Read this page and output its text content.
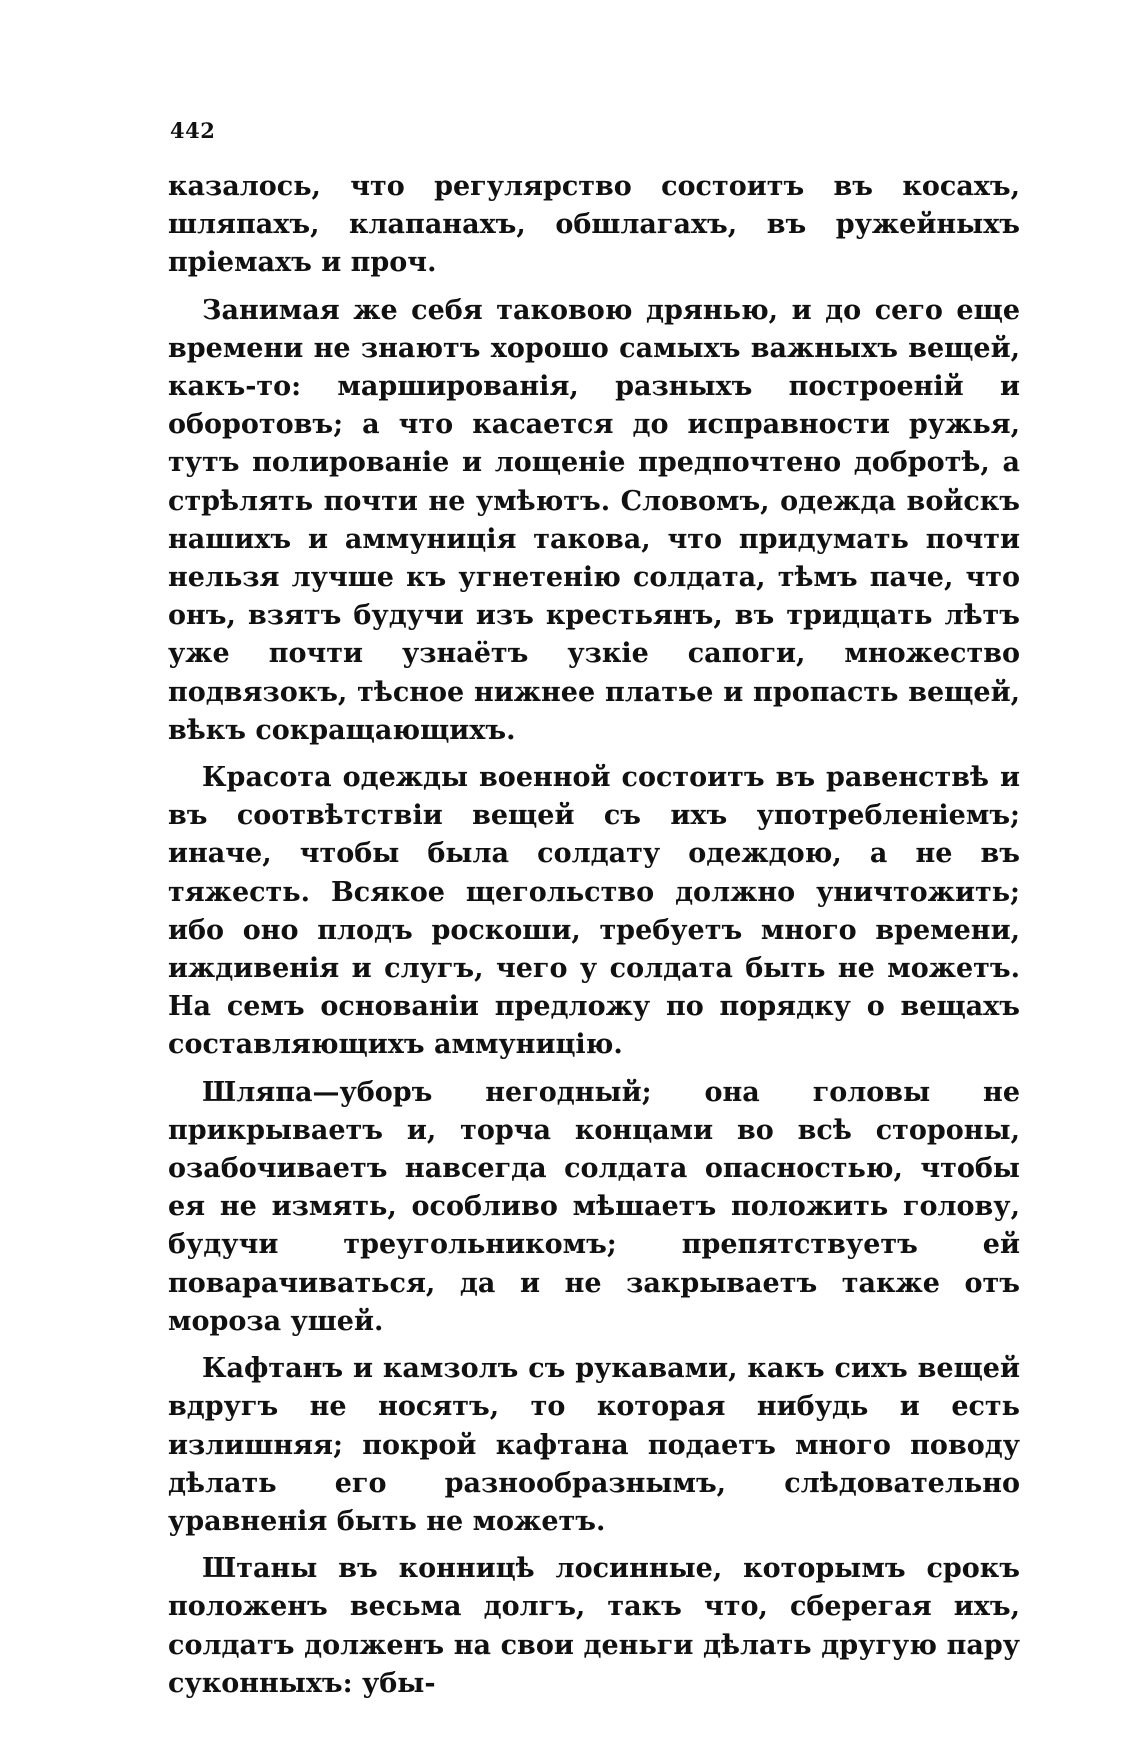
442

казалось, что регулярство состоитъ въ косахъ, шляпахъ, клапанахъ, обшлагахъ, въ ружейныхъ пріемахъ и проч.

Занимая же себя таковою дрянью, и до сего еще времени не знаютъ хорошо самыхъ важныхъ вещей, какъ-то: маршированія, разныхъ построеній и оборотовъ; а что касается до исправности ружья, тутъ полированіе и лощеніе предпочтено добротѣ, а стрѣлять почти не умѣютъ. Словомъ, одежда войскъ нашихъ и аммуниція такова, что придумать почти нельзя лучше къ угнетенію солдата, тѣмъ паче, что онъ, взятъ будучи изъ крестьянъ, въ тридцать лѣтъ уже почти узнаётъ узкіе сапоги, множество подвязокъ, тѣсное нижнее платье и пропасть вещей, вѣкъ сокращающихъ.

Красота одежды военной состоитъ въ равенствѣ и въ соотвѣтствіи вещей съ ихъ употребленіемъ; иначе, чтобы была солдату одеждою, а не въ тяжесть. Всякое щегольство должно уничтожить; ибо оно плодъ роскоши, требуетъ много времени, иждивенія и слугъ, чего у солдата быть не можетъ. На семъ основаніи предложу по порядку о вещахъ составляющихъ аммуницію.

Шляпа—уборъ негодный; она головы не прикрываетъ и, торча концами во всѣ стороны, озабочиваетъ навсегда солдата опасностью, чтобы ея не измять, особливо мѣшаетъ положить голову, будучи треугольникомъ; препятствуетъ ей поварачиваться, да и не закрываетъ также отъ мороза ушей.

Кафтанъ и камзолъ съ рукавами, какъ сихъ вещей вдругъ не носятъ, то которая нибудь и есть излишняя; покрой кафтана подаетъ много поводу дѣлать его разнообразнымъ, слѣдовательно уравненія быть не можетъ.

Штаны въ конницѣ лосинные, которымъ срокъ положенъ весьма долгъ, такъ что, сберегая ихъ, солдатъ долженъ на свои деньги дѣлать другую пару суконныхъ: убы-
